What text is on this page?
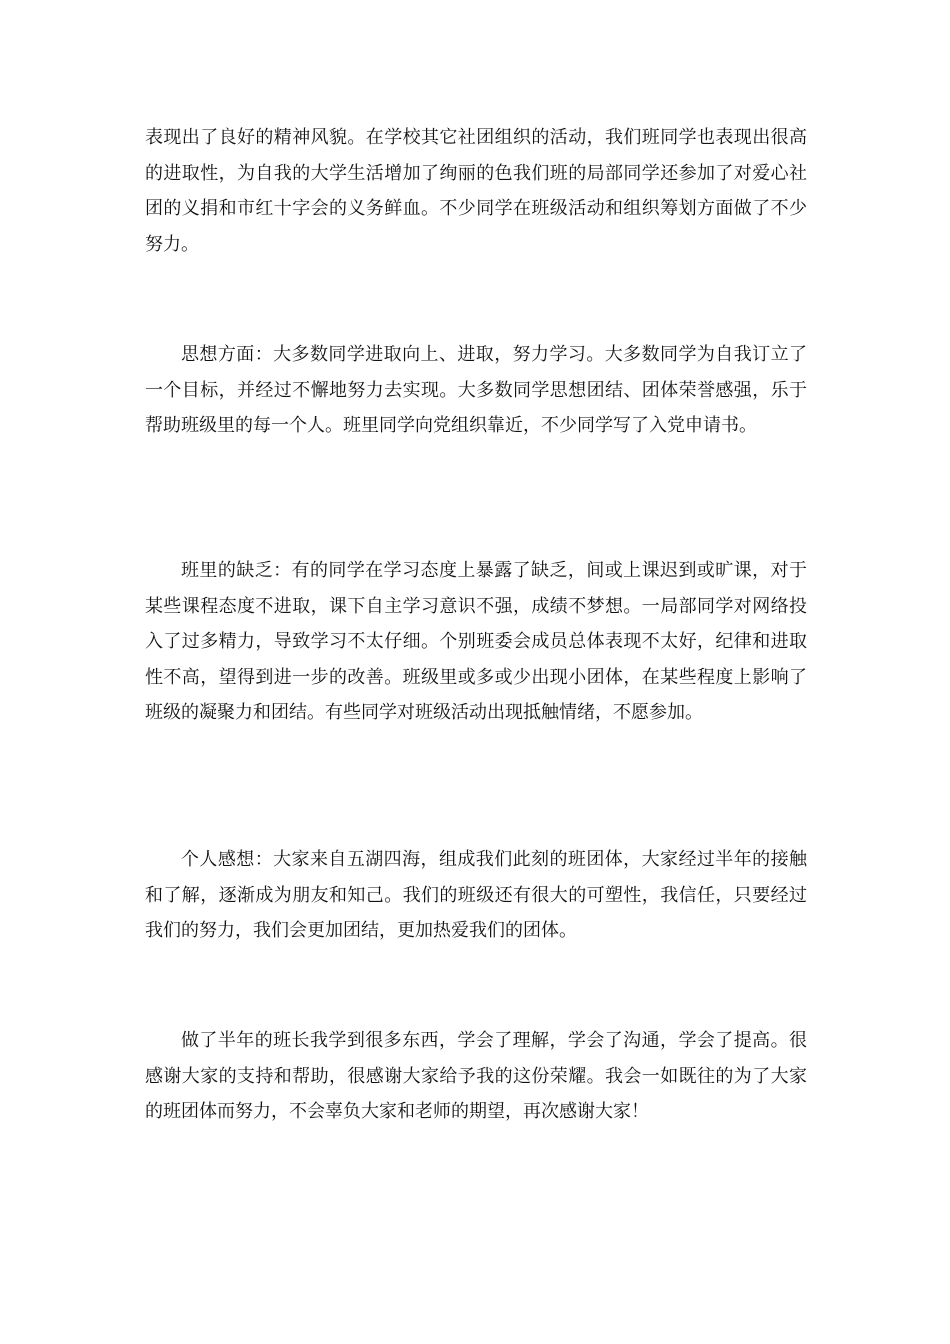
表现出了良好的精神风貌。在学校其它社团组织的活动，我们班同学也表现出很高的进取性，为自我的大学生活增加了绚丽的色我们班的局部同学还参加了对爱心社团的义捐和市红十字会的义务鲜血。不少同学在班级活动和组织筹划方面做了不少努力。

思想方面：大多数同学进取向上、进取，努力学习。大多数同学为自我订立了一个目标，并经过不懈地努力去实现。大多数同学思想团结、团体荣誉感强，乐于帮助班级里的每一个人。班里同学向党组织靠近，不少同学写了入党申请书。

班里的缺乏：有的同学在学习态度上暴露了缺乏，间或上课迟到或旷课，对于某些课程态度不进取，课下自主学习意识不强，成绩不梦想。一局部同学对网络投入了过多精力，导致学习不太仔细。个别班委会成员总体表现不太好，纪律和进取性不高，望得到进一步的改善。班级里或多或少出现小团体，在某些程度上影响了班级的凝聚力和团结。有些同学对班级活动出现抵触情绪，不愿参加。

个人感想：大家来自五湖四海，组成我们此刻的班团体，大家经过半年的接触和了解，逐渐成为朋友和知己。我们的班级还有很大的可塑性，我信任，只要经过我们的努力，我们会更加团结，更加热爱我们的团体。

做了半年的班长我学到很多东西，学会了理解，学会了沟通，学会了提高。很感谢大家的支持和帮助，很感谢大家给予我的这份荣耀。我会一如既往的为了大家的班团体而努力，不会辜负大家和老师的期望，再次感谢大家！
